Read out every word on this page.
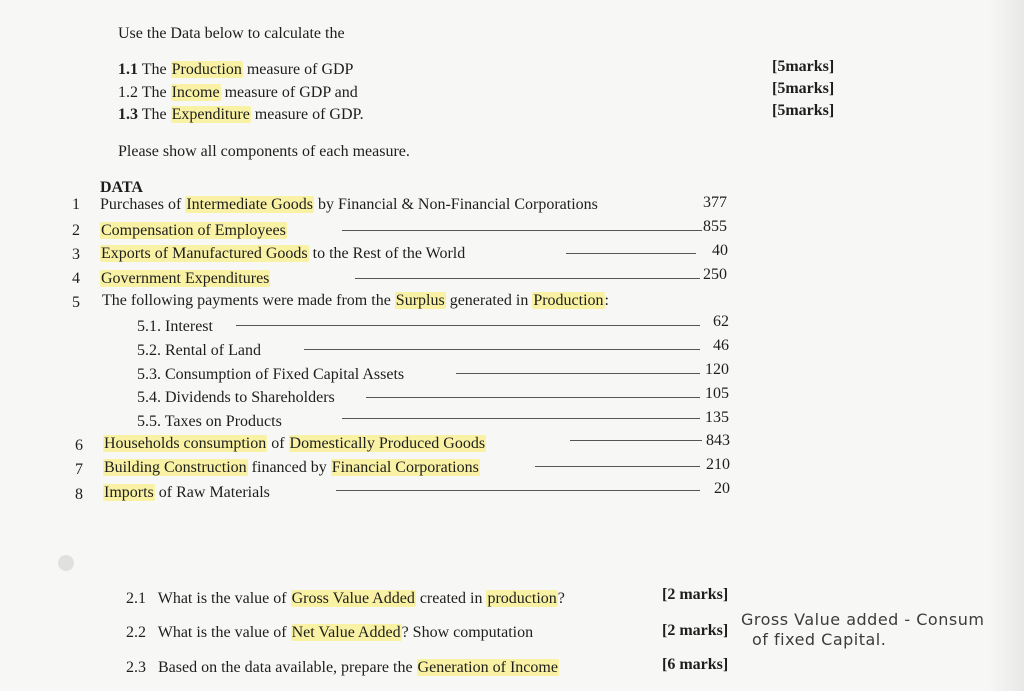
Use the Data below to calculate the
1.1 The Production measure of GDP	[5marks]
1.2 The Income measure of GDP and	[5marks]
1.3 The Expenditure measure of GDP.	[5marks]
Please show all components of each measure.
DATA
1 Purchases of Intermediate Goods by Financial & Non-Financial Corporations	377
2 Compensation of Employees	855
3 Exports of Manufactured Goods to the Rest of the World	40
4 Government Expenditures	250
5 The following payments were made from the Surplus generated in Production:
5.1. Interest	62
5.2. Rental of Land	46
5.3. Consumption of Fixed Capital Assets	120
5.4. Dividends to Shareholders	105
5.5. Taxes on Products	135
6 Households consumption of Domestically Produced Goods	843
7 Building Construction financed by Financial Corporations	210
8 Imports of Raw Materials	20
2.1 What is the value of Gross Value Added created in production?	[2 marks]
2.2 What is the value of Net Value Added? Show computation	[2 marks]
2.3 Based on the data available, prepare the Generation of Income	[6 marks]
Gross Value added - Consum
of fixed Capital.
